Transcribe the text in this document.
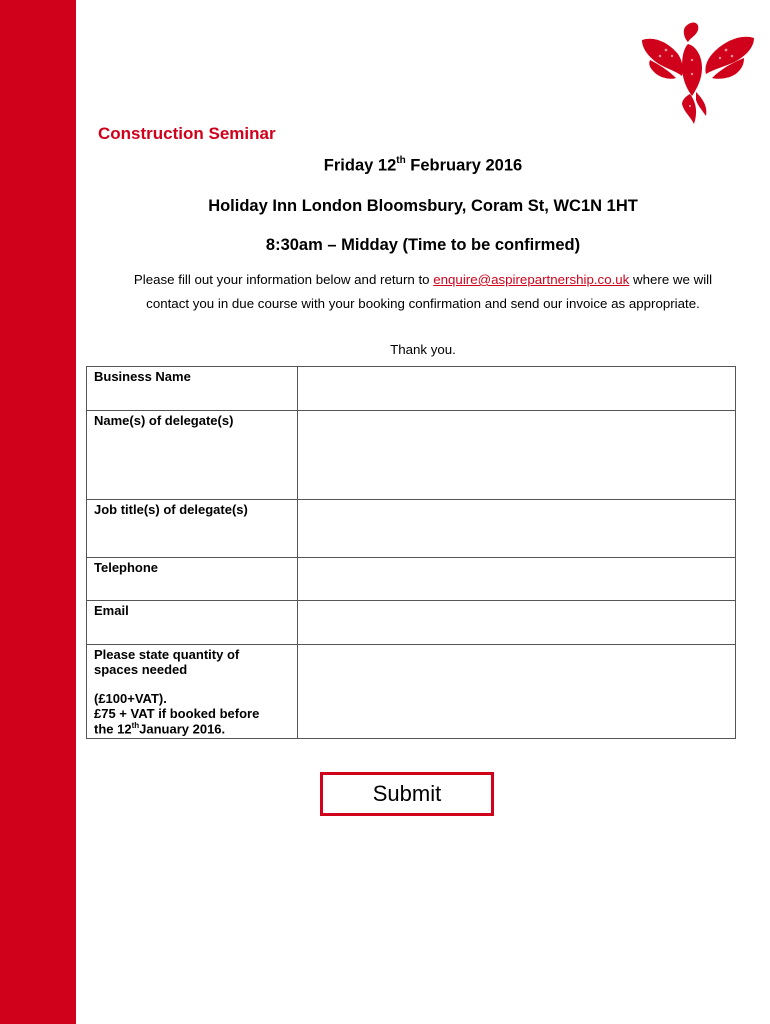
Construction Seminar
Friday 12th February 2016
Holiday Inn London Bloomsbury, Coram St, WC1N 1HT
8:30am – Midday (Time to be confirmed)
Please fill out your information below and return to enquire@aspirepartnership.co.uk where we will
contact you in due course with your booking confirmation and send our invoice as appropriate.
Thank you.
Business Name	
Name(s) of delegate(s)	
Job title(s) of delegate(s)	
Telephone	
Email	

Please state quantity of
spaces needed
(£100+VAT).
£75 + VAT if booked before
the 12thJanuary 2016.

Submit
